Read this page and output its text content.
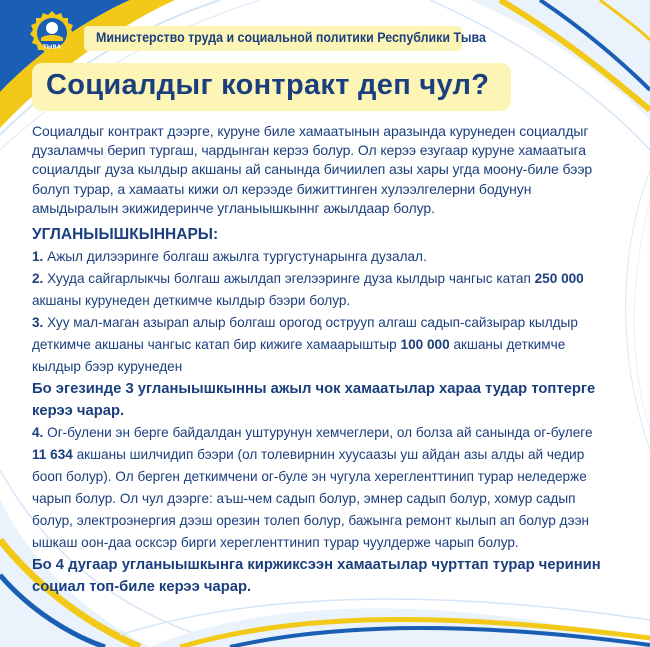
ТЫВА
Министерство труда и социальной политики Республики Тыва
Социалдыг контракт деп чул?

Социалдыг контракт дээрге, куруне биле хамаатынын аразында курунеден социалдыг дузаламчы берип тургаш, чардынган керээ болур. Ол керээ езугаар куруне хамаатыга социалдыг дуза кылдыр акшаны ай санында бичиилеп азы хары угда моону-биле бээр болуп турар, а хамааты кижи ол керээде бижиттинген хулээлгелерни бодунун амыдыралын экижидеринче угланыышкыннг ажылдаар болур.

УГЛАНЫЫШКЫННАРЫ:

1. Ажыл дилээринге болгаш ажылга тургустунарынга дузалал.

2. Хууда сайгарлыкчы болгаш ажылдап эгелээринге дуза кылдыр чангыс катап 250 000 акшаны курунеден деткимче кылдыр бээри болур.

3. Хуу мал-маган азырап алыр болгаш орогод острууп алгаш садып-сайзырар кылдыр деткимче акшаны чангыс катап бир кижиге хамаарыштыр 100 000 акшаны деткимче кылдыр бээр курунеден

Бо эгезинде 3 угланыышкынны ажыл чок хамаатылар хараа тудар топтерге керээ чарар.

4. Ог-булени эн берге байдалдан уштурунун хемчеглери, ол болза ай санында ог-булеге 11 634 акшаны шилчидип бээри (ол толевирнин хуусаазы уш айдан азы алды ай чедир бооп болур). Ол берген деткимчени ог-буле эн чугула херегленттинип турар неледерже чарып болур. Ол чул дээрге: аъш-чем садып болур, эмнер садып болур, хомур садып болур, электроэнергия дээш орезин толеп болур, бажынга ремонт кылып ап болур дээн ышкаш оон-даа осксэр бирги херегленттинип турар чуулдерже чарып болур.

Бо 4 дугаар угланыышкынга киржиксээн хамаатылар чурттап турар черинин социал топ-биле керээ чарар.
